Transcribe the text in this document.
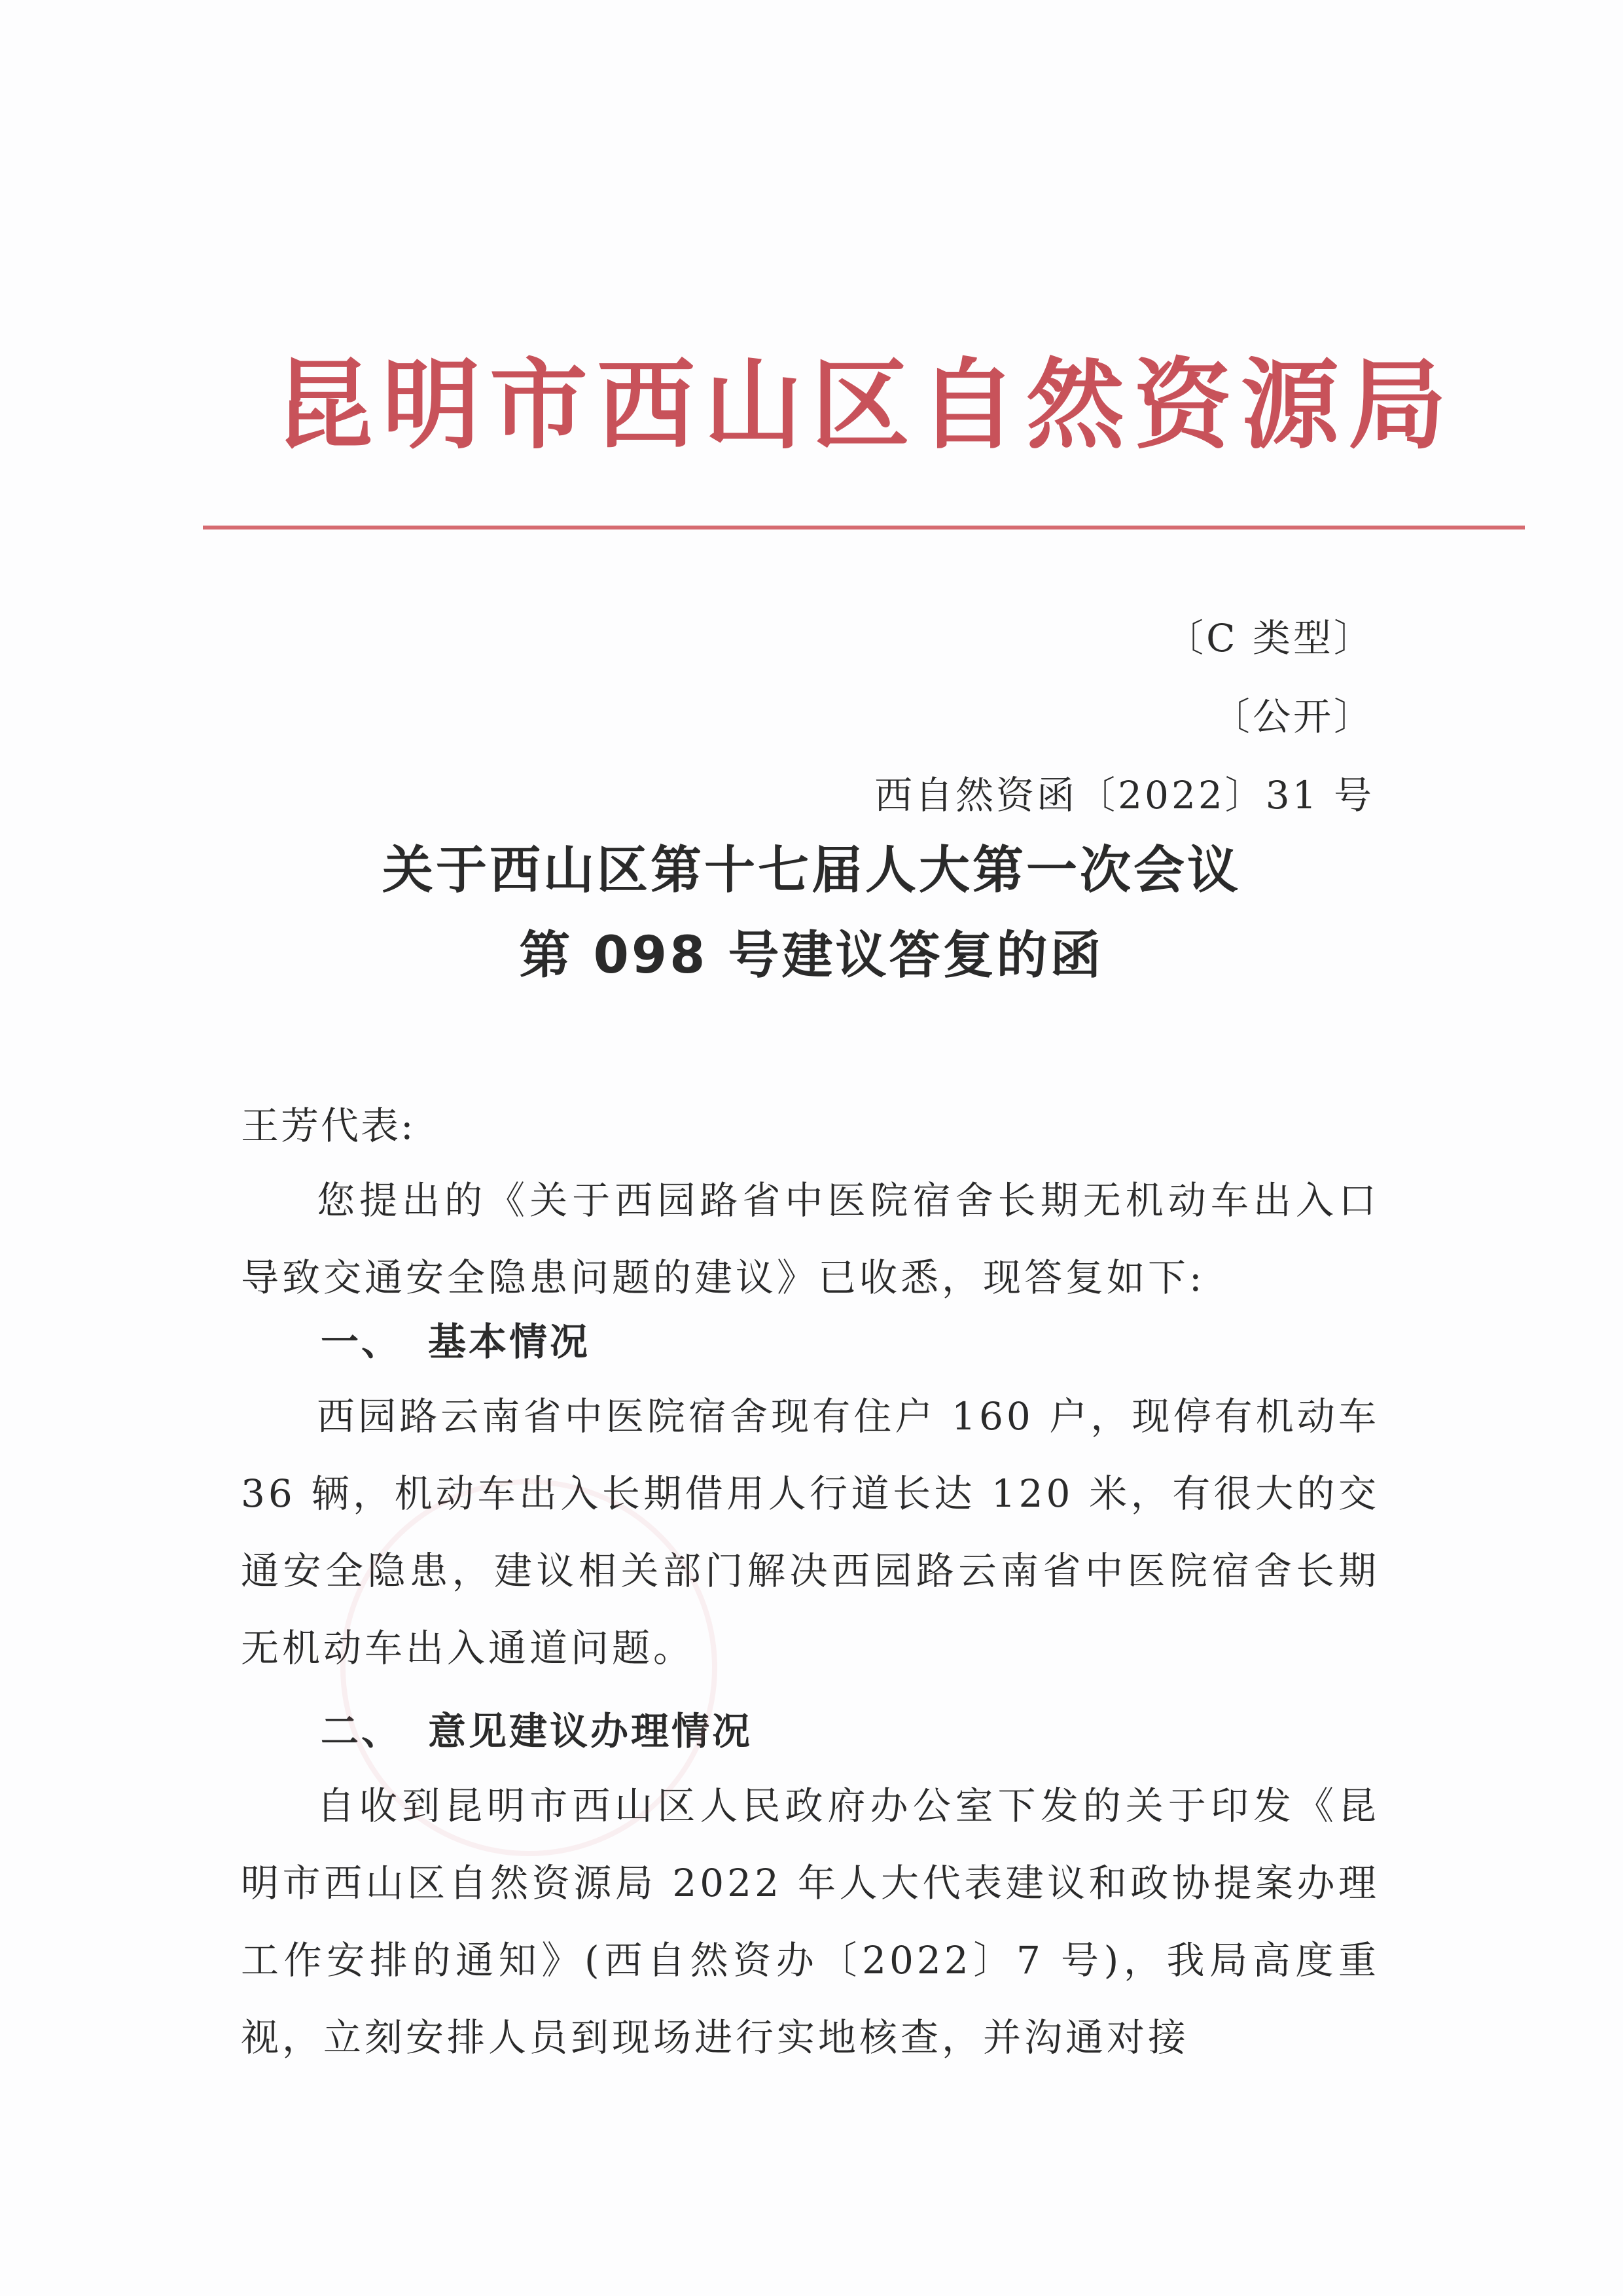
昆明市西山区自然资源局
〔C 类型〕
〔公开〕
西自然资函〔2022〕31 号
关于西山区第十七届人大第一次会议
第 098 号建议答复的函
王芳代表:

您提出的《关于西园路省中医院宿舍长期无机动车出入口导致交通安全隐患问题的建议》已收悉，现答复如下:

一、 基本情况

西园路云南省中医院宿舍现有住户 160 户，现停有机动车 36 辆，机动车出入长期借用人行道长达 120 米，有很大的交通安全隐患，建议相关部门解决西园路云南省中医院宿舍长期无机动车出入通道问题。

二、 意见建议办理情况

自收到昆明市西山区人民政府办公室下发的关于印发《昆明市西山区自然资源局 2022 年人大代表建议和政协提案办理工作安排的通知》(西自然资办〔2022〕7 号)，我局高度重视，立刻安排人员到现场进行实地核查，并沟通对接
